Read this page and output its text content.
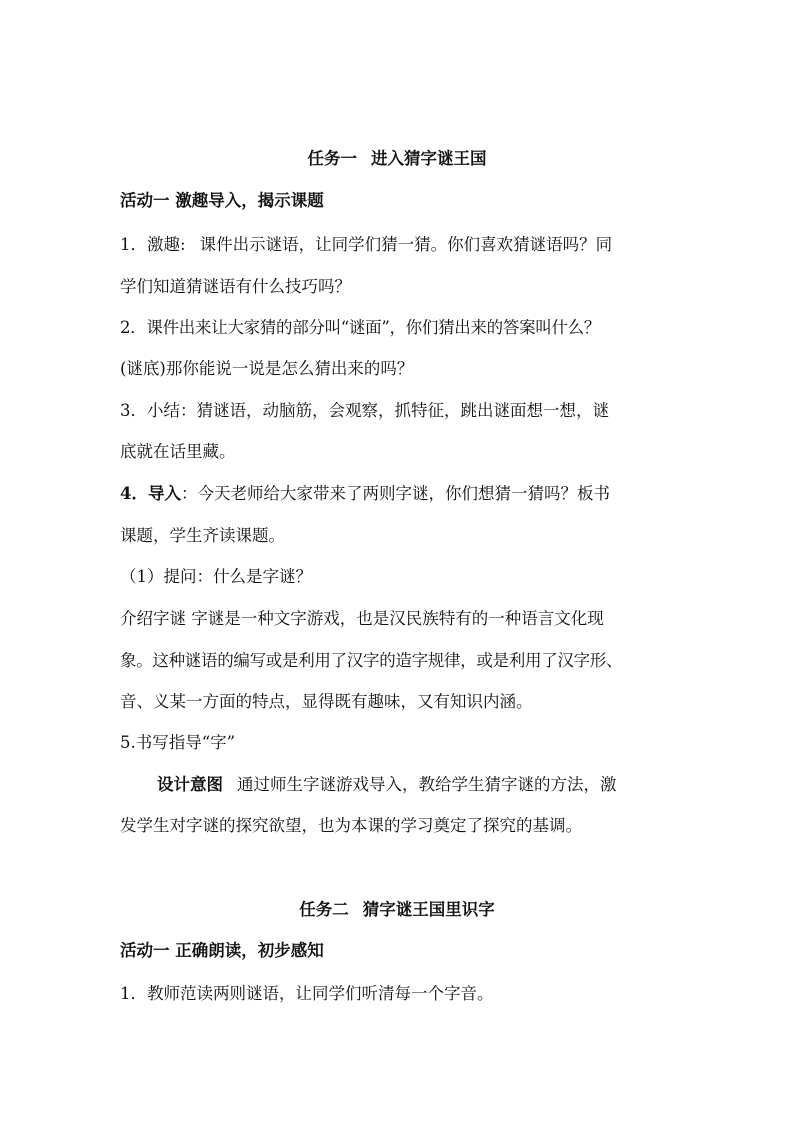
任务一 进入猜字谜王国
活动一 激趣导入，揭示课题
1．激趣: 课件出示谜语，让同学们猜一猜。你们喜欢猜谜语吗？同
学们知道猜谜语有什么技巧吗？
2．课件出来让大家猜的部分叫“谜面”，你们猜出来的答案叫什么？
(谜底)那你能说一说是怎么猜出来的吗？
3．小结：猜谜语，动脑筋，会观察，抓特征，跳出谜面想一想，谜
底就在话里藏。
4．导入：今天老师给大家带来了两则字谜，你们想猜一猜吗？板书
课题，学生齐读课题。
（1）提问：什么是字谜？
介绍字谜 字谜是一种文字游戏，也是汉民族特有的一种语言文化现
象。这种谜语的编写或是利用了汉字的造字规律，或是利用了汉字形、
音、义某一方面的特点，显得既有趣味，又有知识内涵。
5.书写指导“字”
设计意图 通过师生字谜游戏导入，教给学生猜字谜的方法，激
发学生对字谜的探究欲望，也为本课的学习奠定了探究的基调。
任务二 猜字谜王国里识字
活动一 正确朗读，初步感知
1．教师范读两则谜语，让同学们听清每一个字音。
